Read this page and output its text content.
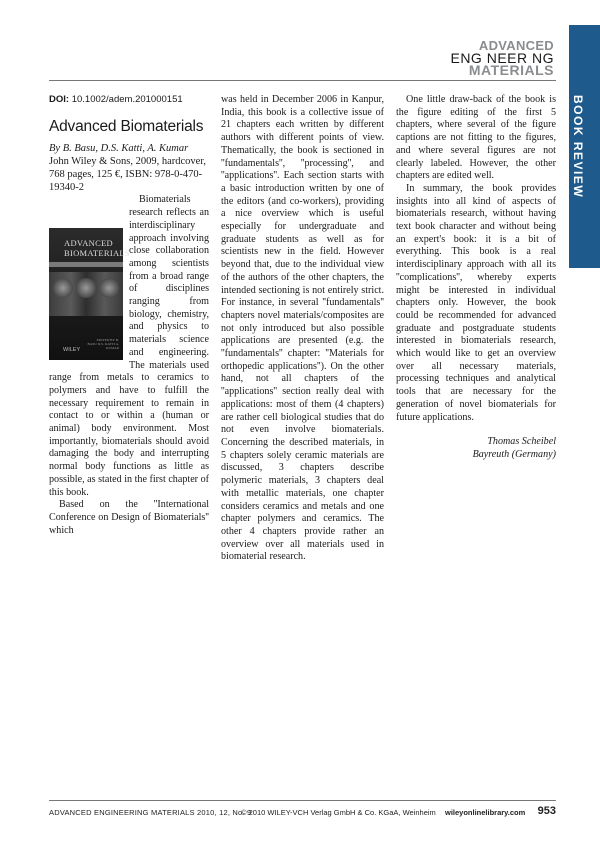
ADVANCED
ENG NEER NG
MATERIALS
BOOK REVIEW
DOI: 10.1002/adem.201000151
Advanced Biomaterials

By B. Basu, D.S. Katti, A. Kumar

John Wiley & Sons, 2009, hardcover, 768 pages, 125 €, ISBN: 978-0-470-19340-2

ADVANCED
BIOMATERIALS
EDITED BY B. BASU D.S. KATTI A. KUMAR
WILEY
Biomaterials research reflects an interdisciplinary approach involving close collaboration among scientists from a broad range of disciplines ranging from biology, chemistry, and physics to materials science and engineering. The materials used range from metals to ceramics to polymers and have to fulfill the necessary requirement to remain in contact to or within a (human or animal) body environment. Most importantly, biomaterials should avoid damaging the body and interrupting normal body functions as little as possible, as stated in the first chapter of this book.

Based on the ''International Conference on Design of Biomaterials'' which

was held in December 2006 in Kanpur, India, this book is a collective issue of 21 chapters each written by different authors with different points of view. Thematically, the book is sectioned in ''fundamentals'', ''processing'', and ''applications''. Each section starts with a basic introduction written by one of the editors (and co-workers), providing a nice overview which is useful especially for undergraduate and graduate students as well as for scientists new in the field. However beyond that, due to the individual view of the authors of the other chapters, the intended sectioning is not entirely strict. For instance, in several ''fundamentals'' chapters novel materials/composites are not only introduced but also possible applications are presented (e.g. the ''fundamentals'' chapter: ''Materials for orthopedic applications''). On the other hand, not all chapters of the ''applications'' section really deal with applications: most of them (4 chapters) are rather cell biological studies that do not even involve biomaterials. Concerning the described materials, in 5 chapters solely ceramic materials are discussed, 3 chapters describe polymeric materials, 3 chapters deal with metallic materials, one chapter considers ceramics and metals and one chapter polymers and ceramics. The other 4 chapters provide rather an overview over all materials used in biomaterial research.

One little draw-back of the book is the figure editing of the first 5 chapters, where several of the figure captions are not fitting to the figures, and where several figures are not clearly labeled. However, the other chapters are edited well.

In summary, the book provides insights into all kind of aspects of biomaterials research, without having text book character and without being an expert's book: it is a bit of everything. This book is a real interdisciplinary approach with all its ''complications'', whereby experts might be interested in individual chapters only. However, the book could be recommended for advanced graduate and postgraduate students interested in biomaterials research, which would like to get an overview over all necessary materials, processing techniques and analytical tools that are necessary for the generation of novel biomaterials for future applications.

Thomas Scheibel
Bayreuth (Germany)
ADVANCED ENGINEERING MATERIALS 2010, 12, No. 9
© 2010 WILEY-VCH Verlag GmbH & Co. KGaA, Weinheim wileyonlinelibrary.com 953
